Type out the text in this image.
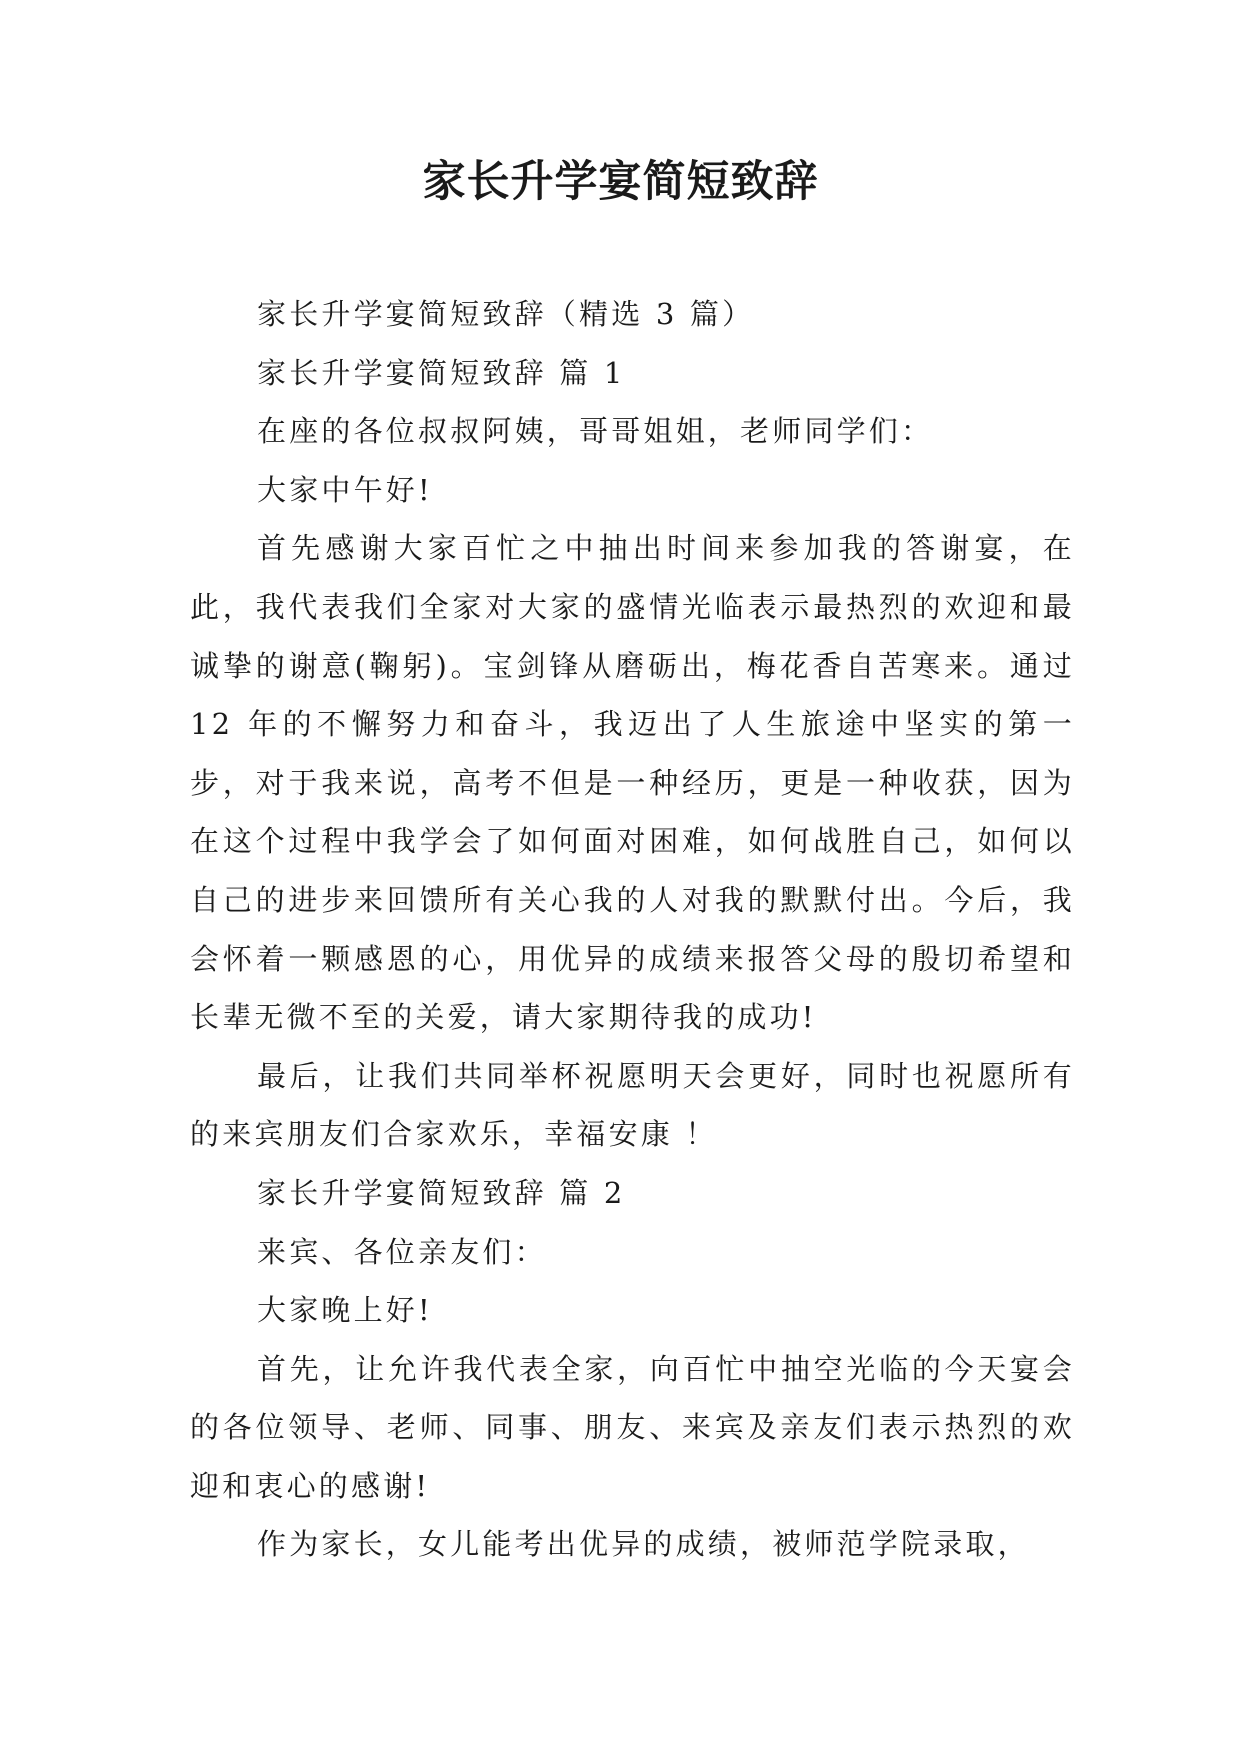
家长升学宴简短致辞

家长升学宴简短致辞（精选 3 篇）

家长升学宴简短致辞 篇 1

在座的各位叔叔阿姨，哥哥姐姐，老师同学们：

大家中午好!

首先感谢大家百忙之中抽出时间来参加我的答谢宴，在此，我代表我们全家对大家的盛情光临表示最热烈的欢迎和最诚挚的谢意(鞠躬)。宝剑锋从磨砺出，梅花香自苦寒来。通过 12 年的不懈努力和奋斗，我迈出了人生旅途中坚实的第一步，对于我来说，高考不但是一种经历，更是一种收获，因为在这个过程中我学会了如何面对困难，如何战胜自己，如何以自己的进步来回馈所有关心我的人对我的默默付出。今后，我会怀着一颗感恩的心，用优异的成绩来报答父母的殷切希望和长辈无微不至的关爱，请大家期待我的成功!

最后，让我们共同举杯祝愿明天会更好，同时也祝愿所有的来宾朋友们合家欢乐，幸福安康 ！

家长升学宴简短致辞 篇 2

来宾、各位亲友们：

大家晚上好!

首先，让允许我代表全家，向百忙中抽空光临的今天宴会的各位领导、老师、同事、朋友、来宾及亲友们表示热烈的欢迎和衷心的感谢!

作为家长，女儿能考出优异的成绩，被师范学院录取，
